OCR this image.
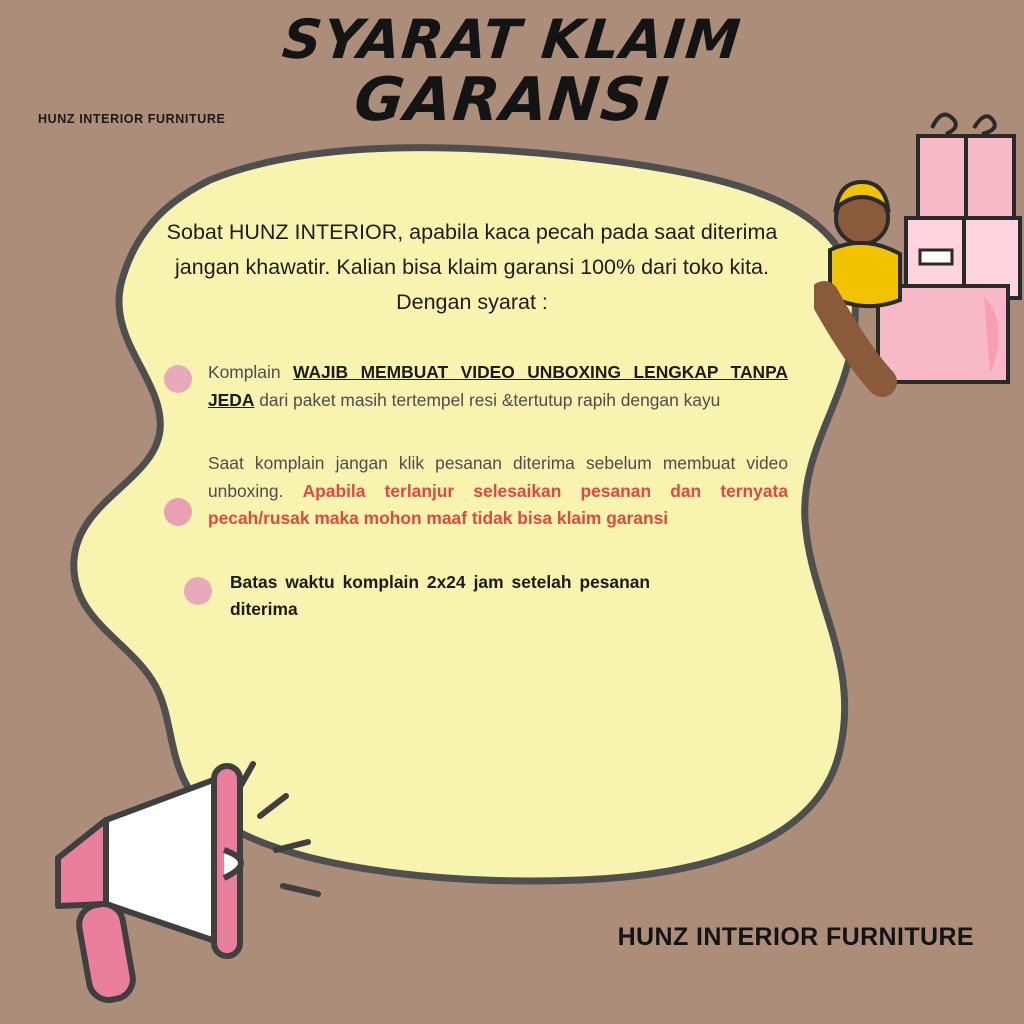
HUNZ INTERIOR FURNITURE
SYARAT KLAIM
GARANSI
Sobat HUNZ INTERIOR, apabila kaca pecah pada saat diterima jangan khawatir. Kalian bisa klaim garansi 100% dari toko kita. Dengan syarat :
Komplain WAJIB MEMBUAT VIDEO UNBOXING LENGKAP TANPA JEDA dari paket masih tertempel resi &tertutup rapih dengan kayu
Saat komplain jangan klik pesanan diterima sebelum membuat video unboxing. Apabila terlanjur selesaikan pesanan dan ternyata pecah/rusak maka mohon maaf tidak bisa klaim garansi
Batas waktu komplain 2x24 jam setelah pesanan diterima
HUNZ INTERIOR FURNITURE
